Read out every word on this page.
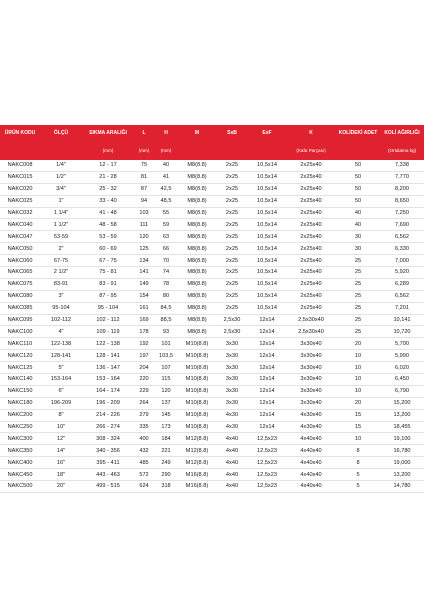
ÜRÜN KODU	ÖLÇÜ	SIKMA ARALIĞI	L	H	M	SxB	ExF	K	KOLİDEKİ ADET	KOLİ AĞIRLIĞI
		(mm)	(mm)	(mm)				(Kafa Parçası)		(Ortalama kg)
NAKC008	1/4"	12 - 17	75	40	M8(8.8)	2x25	10,5x14	2x25x40	50	7,338
NAKC015	1/2"	21 - 28	81	41	M8(8.8)	2x25	10,5x14	2x25x40	50	7,770
NAKC020	3/4"	25 - 32	87	42,5	M8(8.8)	2x25	10,5x14	2x25x40	50	8,200
NAKC025	1"	33 - 40	94	48,5	M8(8.8)	2x25	10,5x14	2x25x40	50	8,650
NAKC032	1 1/4"	41 - 48	103	55	M8(8.8)	2x25	10,5x14	2x25x40	40	7,250
NAKC040	1 1/2"	48 - 58	111	59	M8(8.8)	2x25	10,5x14	2x25x40	40	7,690
NAKC047	53-59	53 - 59	120	63	M8(8.8)	2x25	10,5x14	2x25x40	30	6,562
NAKC050	2"	60 - 69	125	66	M8(8.8)	2x25	10,5x14	2x25x40	30	6,330
NAKC060	67-75	67 - 75	134	70	M8(8.8)	2x25	10,5x14	2x25x40	25	7,000
NAKC065	2 1/2"	75 - 81	141	74	M8(8.8)	2x25	10,5x14	2x25x40	25	5,920
NAKC075	83-91	83 - 91	149	78	M8(8.8)	2x25	10,5x14	2x25x40	25	6,289
NAKC080	3"	87 - 95	154	80	M8(8.8)	2x25	10,5x14	2x25x40	25	6,562
NAKC085	95-104	95 - 104	161	84,5	M8(8.8)	2x25	10,5x14	2x25x40	25	7,201
NAKC095	102-112	102 - 112	169	88,5	M8(8.8)	2,5x30	12x14	2,5x30x40	25	10,141
NAKC100	4"	109 - 119	178	93	M8(8.8)	2,5x30	12x14	2,5x30x40	25	10,720
NAKC110	122-138	122 - 138	192	101	M10(8.8)	3x30	12x14	3x30x40	20	5,700
NAKC120	128-141	128 - 141	197	103,5	M10(8.8)	3x30	12x14	3x30x40	10	5,990
NAKC125	5"	136 - 147	204	107	M10(8.8)	3x30	12x14	3x30x40	10	6,020
NAKC140	153-164	153 - 164	220	115	M10(8.8)	3x30	12x14	3x30x40	10	6,450
NAKC150	6"	164 - 174	229	120	M10(8.8)	3x30	12x14	3x30x40	10	6,790
NAKC180	196-209	196 - 209	264	137	M10(8.8)	3x30	12x14	3x30x40	20	15,200
NAKC200	8"	214 - 226	279	145	M10(8.8)	4x30	12x14	4x30x40	15	13,200
NAKC250	10"	266 - 274	335	173	M10(8.8)	4x30	12x14	4x30x40	15	18,455
NAKC300	12"	308 - 324	400	184	M12(8.8)	4x40	12,5x23	4x40x40	10	19,100
NAKC350	14"	340 - 356	432	221	M12(8.8)	4x40	12,5x23	4x40x40	8	16,780
NAKC400	16"	395 - 411	485	249	M12(8.8)	4x40	12,5x23	4x40x40	8	19,000
NAKC450	18"	443 - 463	572	290	M16(8.8)	4x40	12,5x23	4x40x40	5	13,200
NAKC500	20"	499 - 515	624	318	M16(8.8)	4x40	12,5x23	4x40x40	5	14,780
